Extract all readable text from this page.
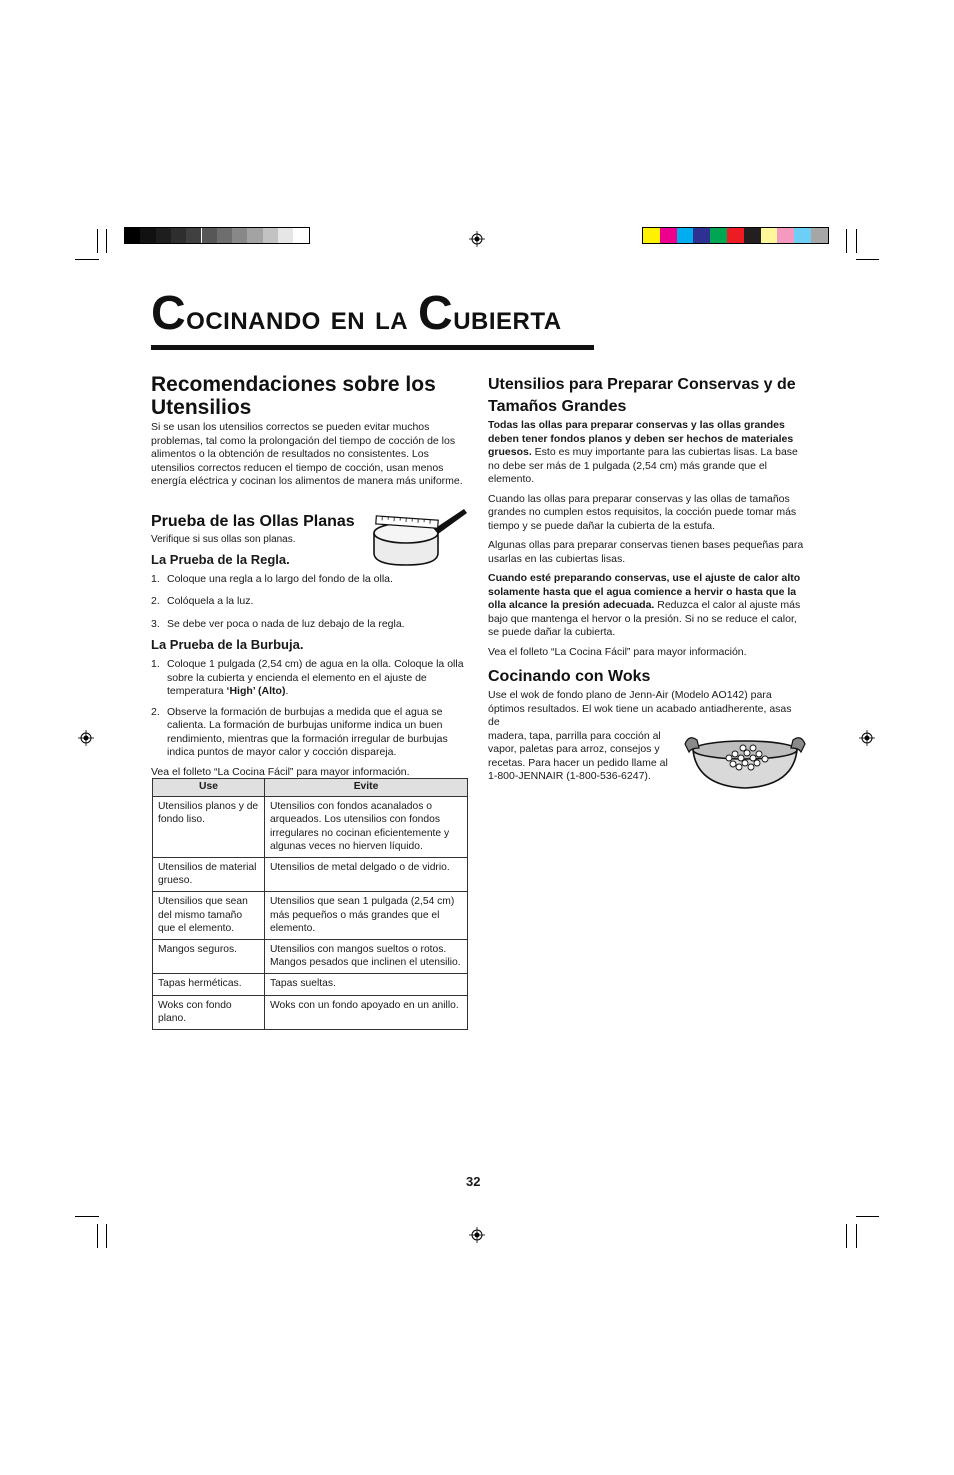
Cocinando en la Cubierta
Recomendaciones sobre los Utensilios

Si se usan los utensilios correctos se pueden evitar muchos problemas, tal como la prolongación del tiempo de cocción de los alimentos o la obtención de resultados no consistentes. Los utensilios correctos reducen el tiempo de cocción, usan menos energía eléctrica y cocinan los alimentos de manera más uniforme.

Prueba de las Ollas Planas

Verifique si sus ollas son planas.

La Prueba de la Regla.
1. Coloque una regla a lo largo del fondo de la olla.
2. Colóquela a la luz.
3. Se debe ver poca o nada de luz debajo de la regla.
La Prueba de la Burbuja.
1. Coloque 1 pulgada (2,54 cm) de agua en la olla. Coloque la olla sobre la cubierta y encienda el elemento en el ajuste de temperatura ‘High’ (Alto).
2. Observe la formación de burbujas a medida que el agua se calienta. La formación de burbujas uniforme indica un buen rendimiento, mientras que la formación irregular de burbujas indica puntos de mayor calor y cocción dispareja.

Vea el folleto “La Cocina Fácil” para mayor información.

Use	Evite
Utensilios planos y de fondo liso.	Utensilios con fondos acanalados o arqueados. Los utensilios con fondos irregulares no cocinan eficientemente y algunas veces no hierven líquido.
Utensilios de material grueso.	Utensilios de metal delgado o de vidrio.
Utensilios que sean del mismo tamaño que el elemento.	Utensilios que sean 1 pulgada (2,54 cm) más pequeños o más grandes que el elemento.
Mangos seguros.	Utensilios con mangos sueltos o rotos. Mangos pesados que inclinen el utensilio.
Tapas herméticas.	Tapas sueltas.
Woks con fondo plano.	Woks con un fondo apoyado en un anillo.
Utensilios para Preparar Conservas y de Tamaños Grandes

Todas las ollas para preparar conservas y las ollas grandes deben tener fondos planos y deben ser hechos de materiales gruesos. Esto es muy importante para las cubiertas lisas. La base no debe ser más de 1 pulgada (2,54 cm) más grande que el elemento.

Cuando las ollas para preparar conservas y las ollas de tamaños grandes no cumplen estos requisitos, la cocción puede tomar más tiempo y se puede dañar la cubierta de la estufa.

Algunas ollas para preparar conservas tienen bases pequeñas para usarlas en las cubiertas lisas.

Cuando esté preparando conservas, use el ajuste de calor alto solamente hasta que el agua comience a hervir o hasta que la olla alcance la presión adecuada. Reduzca el calor al ajuste más bajo que mantenga el hervor o la presión. Si no se reduce el calor, se puede dañar la cubierta.

Vea el folleto “La Cocina Fácil” para mayor información.

Cocinando con Woks

Use el wok de fondo plano de Jenn-Air (Modelo AO142) para

óptimos resultados. El wok tiene un acabado antiadherente, asas de

madera, tapa, parrilla para cocción al

vapor, paletas para arroz, consejos y

recetas. Para hacer un pedido llame al

1-800-JENNAIR (1-800-536-6247).

32
